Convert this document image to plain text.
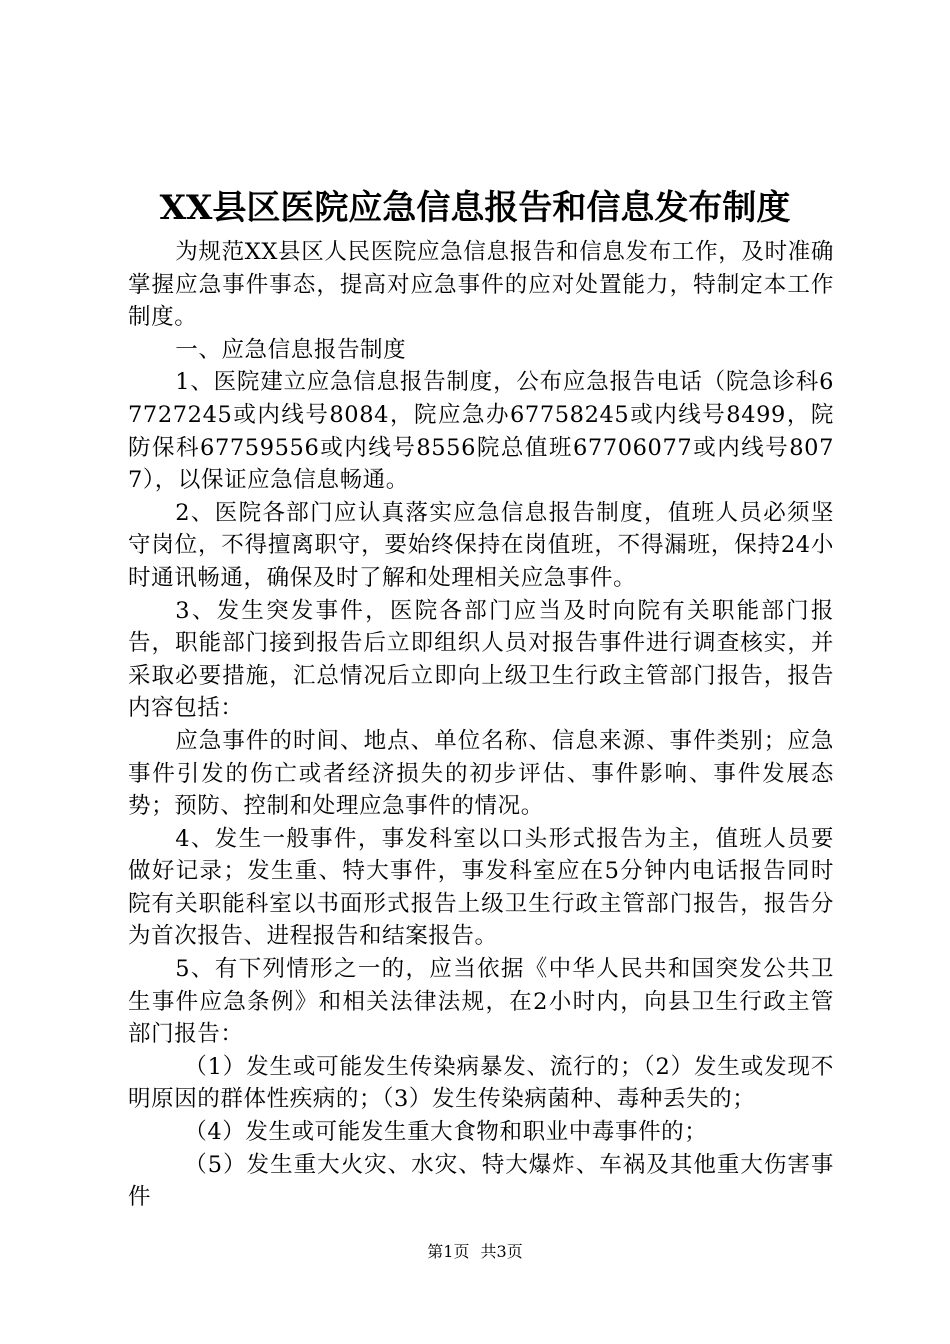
XX县区医院应急信息报告和信息发布制度

为规范XX县区人民医院应急信息报告和信息发布工作，及时准确掌握应急事件事态，提高对应急事件的应对处置能力，特制定本工作制度。

一、应急信息报告制度

1、医院建立应急信息报告制度，公布应急报告电话（院急诊科67727245或内线号8084，院应急办67758245或内线号8499，院防保科67759556或内线号8556院总值班67706077或内线号8077），以保证应急信息畅通。

2、医院各部门应认真落实应急信息报告制度，值班人员必须坚守岗位，不得擅离职守，要始终保持在岗值班，不得漏班，保持24小时通讯畅通，确保及时了解和处理相关应急事件。

3、发生突发事件，医院各部门应当及时向院有关职能部门报告，职能部门接到报告后立即组织人员对报告事件进行调查核实，并采取必要措施，汇总情况后立即向上级卫生行政主管部门报告，报告内容包括：

应急事件的时间、地点、单位名称、信息来源、事件类别；应急事件引发的伤亡或者经济损失的初步评估、事件影响、事件发展态势；预防、控制和处理应急事件的情况。

4、发生一般事件，事发科室以口头形式报告为主，值班人员要做好记录；发生重、特大事件，事发科室应在5分钟内电话报告同时院有关职能科室以书面形式报告上级卫生行政主管部门报告，报告分为首次报告、进程报告和结案报告。

5、有下列情形之一的，应当依据《中华人民共和国突发公共卫生事件应急条例》和相关法律法规，在2小时内，向县卫生行政主管部门报告：

（1）发生或可能发生传染病暴发、流行的；（2）发生或发现不明原因的群体性疾病的；（3）发生传染病菌种、毒种丢失的；

（4）发生或可能发生重大食物和职业中毒事件的；

（5）发生重大火灾、水灾、特大爆炸、车祸及其他重大伤害事件

第1页 共3页
